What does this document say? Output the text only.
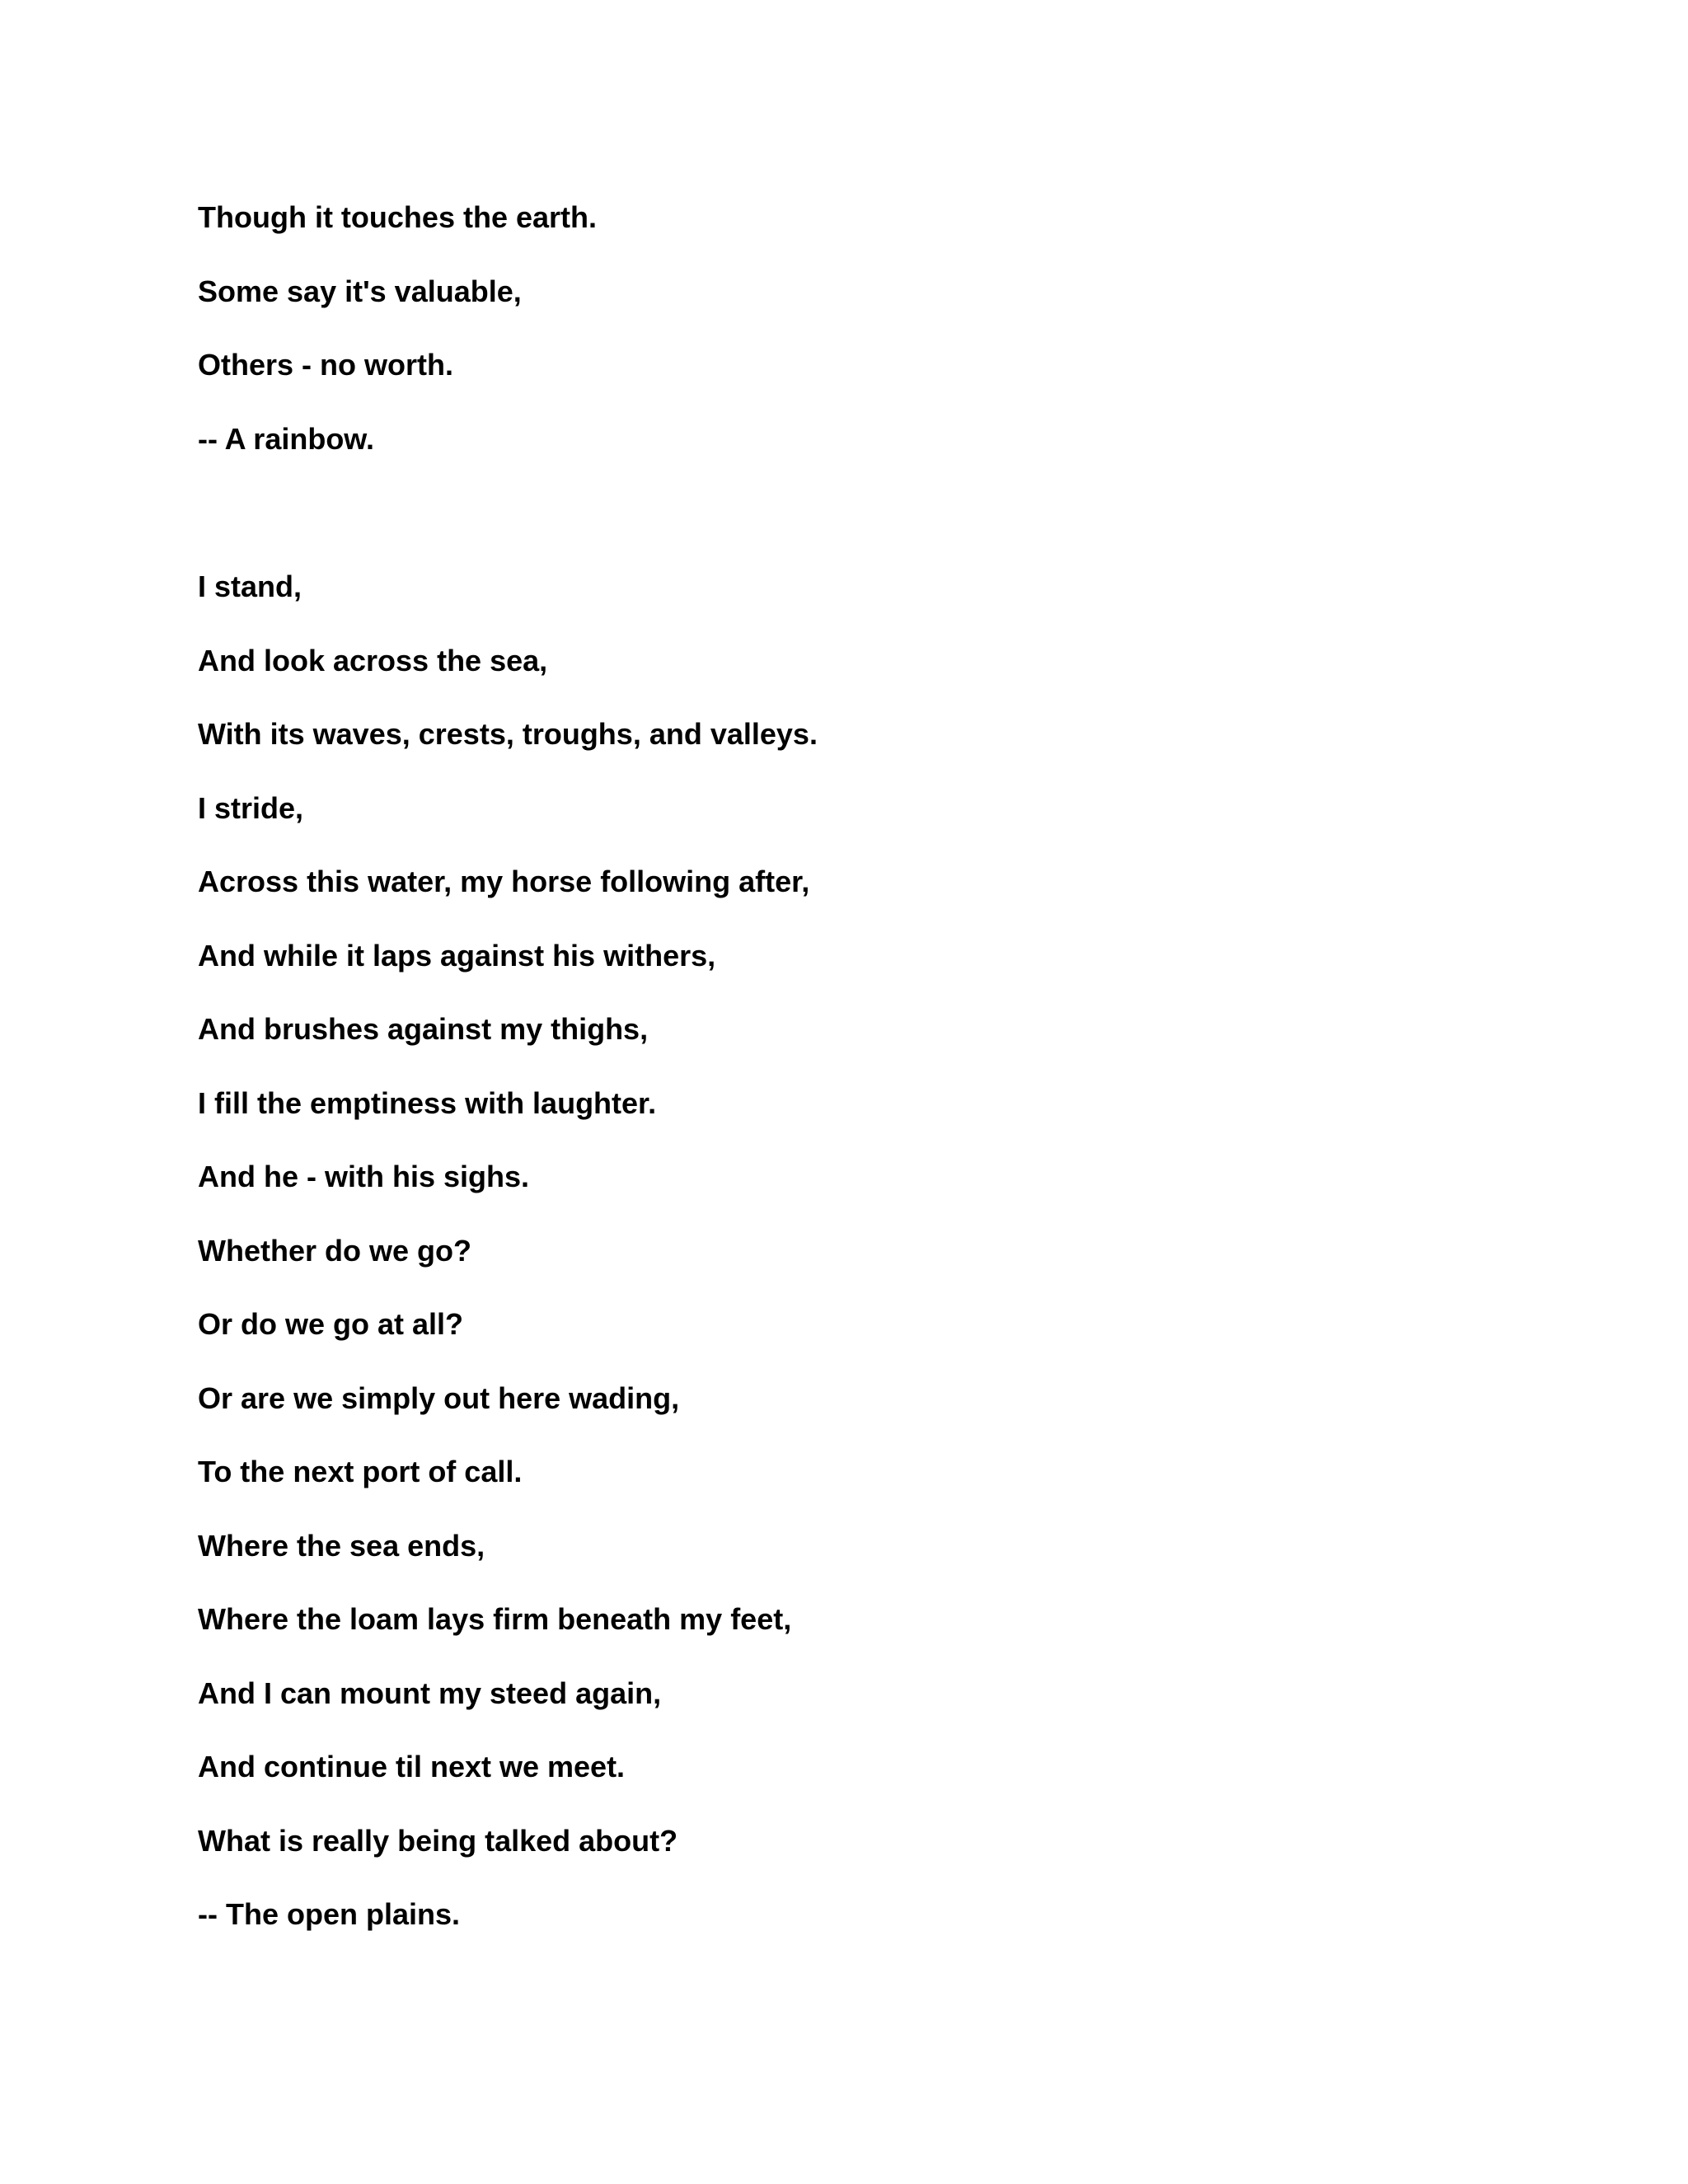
Though it touches the earth.
Some say it's valuable,
Others - no worth.
-- A rainbow.
I stand,
And look across the sea,
With its waves, crests, troughs, and valleys.
I stride,
Across this water, my horse following after,
And while it laps against his withers,
And brushes against my thighs,
I fill the emptiness with laughter.
And he - with his sighs.
Whether do we go?
Or do we go at all?
Or are we simply out here wading,
To the next port of call.
Where the sea ends,
Where the loam lays firm beneath my feet,
And I can mount my steed again,
And continue til next we meet.
What is really being talked about?
-- The open plains.
